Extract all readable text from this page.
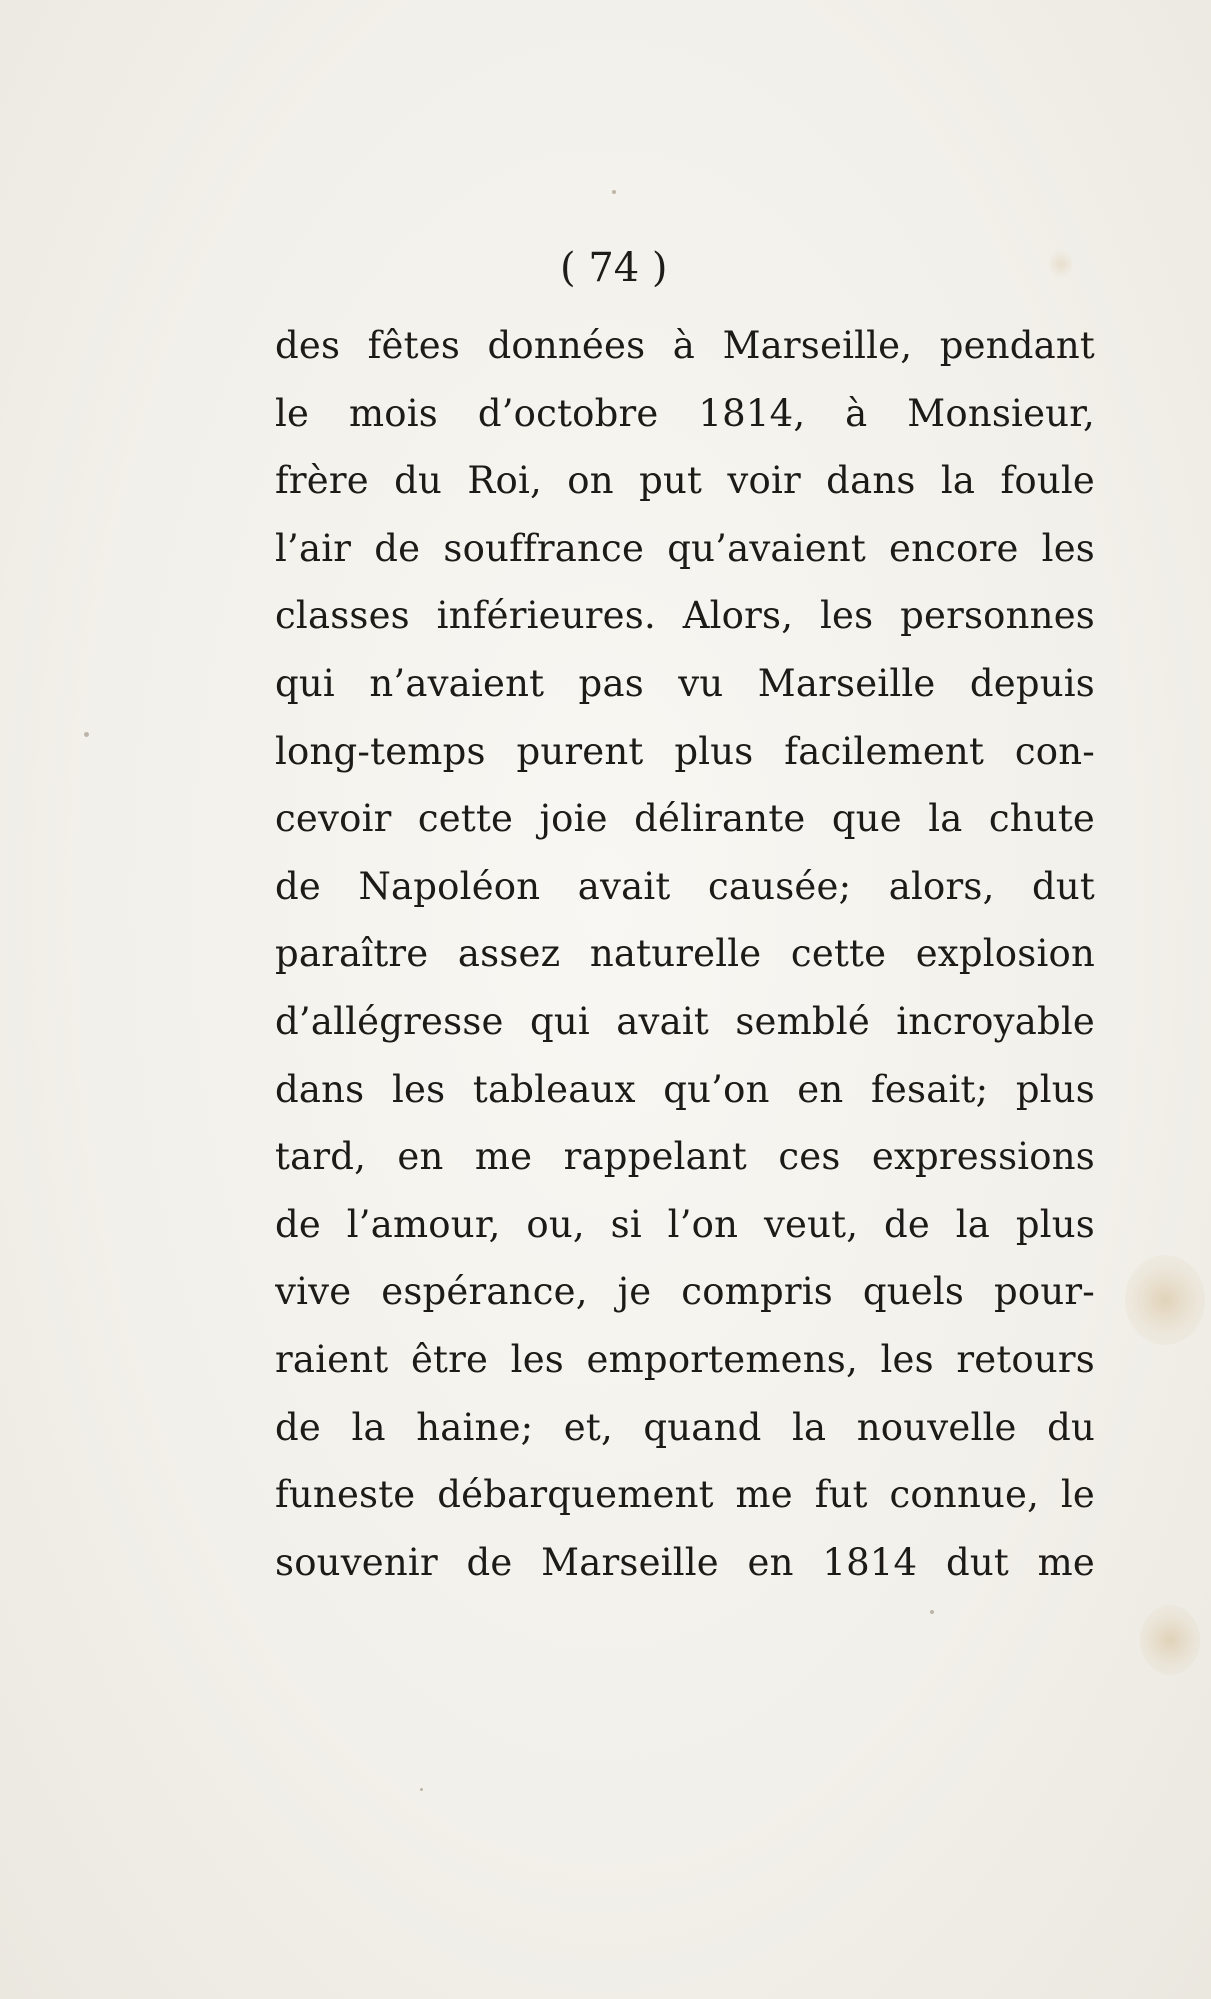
( 74 )
des fêtes données à Marseille, pendant
le mois d’octobre 1814, à Monsieur,
frère du Roi, on put voir dans la foule
l’air de souffrance qu’avaient encore les
classes inférieures. Alors, les personnes
qui n’avaient pas vu Marseille depuis
long-temps purent plus facilement con-
cevoir cette joie délirante que la chute
de Napoléon avait causée; alors, dut
paraître assez naturelle cette explosion
d’allégresse qui avait semblé incroyable
dans les tableaux qu’on en fesait; plus
tard, en me rappelant ces expressions
de l’amour, ou, si l’on veut, de la plus
vive espérance, je compris quels pour-
raient être les emportemens, les retours
de la haine; et, quand la nouvelle du
funeste débarquement me fut connue, le
souvenir de Marseille en 1814 dut me
